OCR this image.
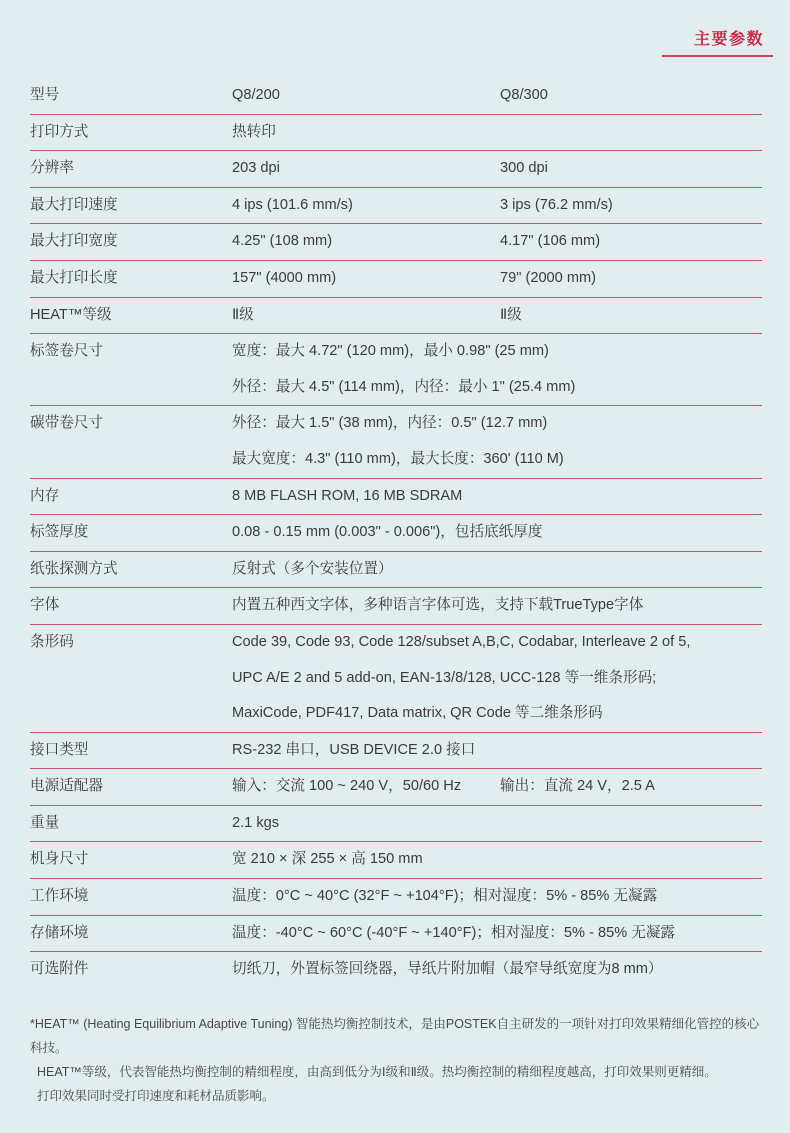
主要参数
型号	Q8/200	Q8/300
打印方式	热转印
分辨率	203 dpi	300 dpi
最大打印速度	4 ips (101.6 mm/s)	3 ips (76.2 mm/s)
最大打印宽度	4.25" (108 mm)	4.17" (106 mm)
最大打印长度	157" (4000 mm)	79" (2000 mm)
HEAT™等级	Ⅱ级	Ⅱ级
标签卷尺寸	宽度：最大 4.72" (120 mm)，最小 0.98" (25 mm)
外径：最大 4.5" (114 mm)，内径：最小 1" (25.4 mm)
碳带卷尺寸	外径：最大 1.5" (38 mm)，内径：0.5" (12.7 mm)
最大宽度：4.3" (110 mm)，最大长度：360' (110 M)
内存	8 MB FLASH ROM, 16 MB SDRAM
标签厚度	0.08 - 0.15 mm (0.003" - 0.006")，包括底纸厚度
纸张探测方式	反射式（多个安装位置）
字体	内置五种西文字体，多种语言字体可选，支持下载TrueType字体
条形码	Code 39, Code 93, Code 128/subset A,B,C, Codabar, Interleave 2 of 5,
UPC A/E 2 and 5 add-on, EAN-13/8/128, UCC-128 等一维条形码;
MaxiCode, PDF417, Data matrix, QR Code 等二维条形码
接口类型	RS-232 串口，USB DEVICE 2.0 接口
电源适配器	输入：交流 100 ~ 240 V，50/60 Hz	输出：直流 24 V，2.5 A
重量	2.1 kgs
机身尺寸	宽 210 × 深 255 × 高 150 mm
工作环境	温度：0°C ~ 40°C (32°F ~ +104°F)；相对湿度：5% - 85% 无凝露
存储环境	温度：-40°C ~ 60°C (-40°F ~ +140°F)；相对湿度：5% - 85% 无凝露
可选附件	切纸刀，外置标签回绕器，导纸片附加帽（最窄导纸宽度为8 mm）
*HEAT™ (Heating Equilibrium Adaptive Tuning) 智能热均衡控制技术，是由POSTEK自主研发的一项针对打印效果精细化管控的核心科技。
HEAT™等级，代表智能热均衡控制的精细程度，由高到低分为Ⅰ级和Ⅱ级。热均衡控制的精细程度越高，打印效果则更精细。
打印效果同时受打印速度和耗材品质影响。
